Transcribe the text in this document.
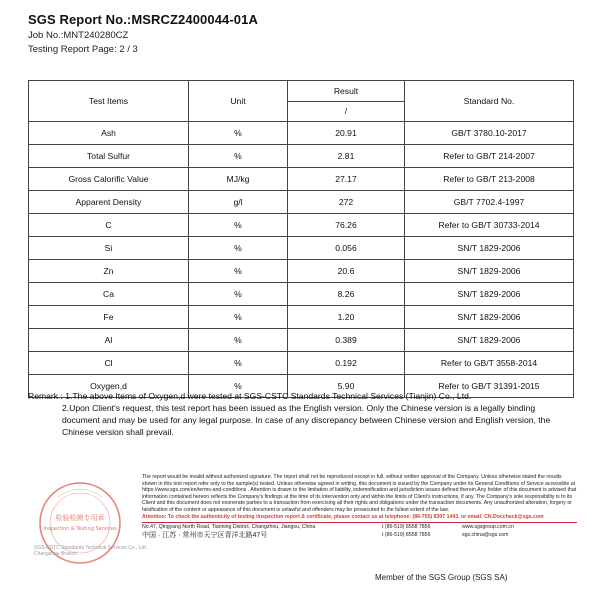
SGS Report No.:MSRCZ2400044-01A
Job No.:MNT240280CZ
Testing Report Page: 2 / 3
Test Items	Unit	Result	Standard No.
		/	
Ash	%	20.91	GB/T 3780.10-2017
Total Sulfur	%	2.81	Refer to GB/T 214-2007
Gross Calorific Value	MJ/kg	27.17	Refer to GB/T 213-2008
Apparent Density	g/l	272	GB/T 7702.4-1997
C	%	76.26	Refer to GB/T 30733-2014
Si	%	0.056	SN/T 1829-2006
Zn	%	20.6	SN/T 1829-2006
Ca	%	8.26	SN/T 1829-2006
Fe	%	1.20	SN/T 1829-2006
Al	%	0.389	SN/T 1829-2006
Cl	%	0.192	Refer to GB/T 3558-2014
Oxygen,d	%	5.90	Refer to GB/T 31391-2015
Remark : 1.The above Items of Oxygen,d were tested at SGS-CSTC Standards Technical Services (Tianjin) Co., Ltd.
2.Upon Client's request, this test report has been issued as the English version. Only the Chinese version is a legally binding document and may be used for any legal purpose. In case of any discrepancy between Chinese version and English version, the Chinese version shall prevail.
检验检测专用章
Inspection & Testing Services
SGS-CSTC Standards Technical Services Co., Ltd.
Changzhou Branch
The report would be invalid without authorized signature. The report shall not be reproduced except in full, without written approval of the Company. Unless otherwise stated the results shown in this test report refer only to the sample(s) tested. Unless otherwise agreed in writing, this document is issued by the Company under its General Conditions of Service accessible at https://www.sgs.com/en/terms-and-conditions . Attention is drawn to the limitation of liability, indemnification and jurisdiction issues defined therein.Any holder of this document is advised that information contained hereon reflects the Company's findings at the time of its intervention only and within the limits of Client's instructions, if any. The Company's sole responsibility is to its Client and this document does not exonerate parties to a transaction from exercising all their rights and obligations under the transaction documents. Any unauthorized alteration, forgery or falsification of the content or appearance of this document is unlawful and offenders may be prosecuted to the fullest extent of the law.
Attention: To check the authenticity of testing /inspection report & certificate, please contact us at telephone: (86-755) 8307 1443, or email: CN.Doccheck@sgs.com
No.47, Qingyang North Road, Tianning District, Changzhou, Jiangsu, China	t (86-519) 8558 7856	www.sgsgroup.com.cn
中国 · 江苏 · 常州市天宁区青洋北路47号	t (86-519) 8558 7856	sgs.china@sgs.com
Member of the SGS Group (SGS SA)
